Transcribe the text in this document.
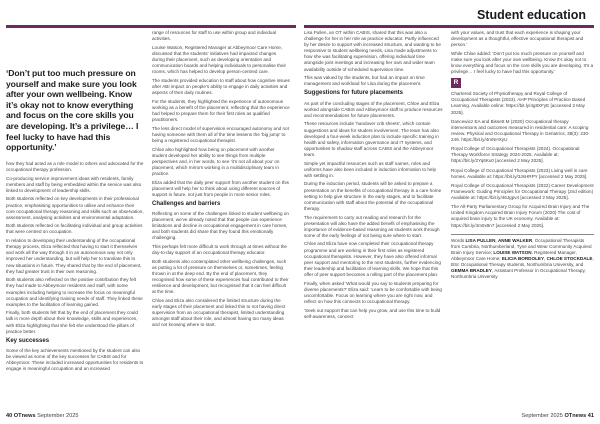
Student education
‘Don’t put too much pressure on yourself and make sure you look after your own wellbeing. Know it’s okay not to know everything and focus on the core skills you are developing. It’s a privilege… I feel lucky to have had this opportunity.’

how they had acted as a role model to others and advocated for the occupational therapy profession.

Co-producing service improvement ideas with residents, family members and staff by being embedded within the service was also linked to development of leadership skills.

Both students reflected on key developments in their professional practice, emphasising opportunities to utilise and enhance their core occupational therapy reasoning and skills such as observation, assessment, analysing activities and environmental adaptation.

Both students reflected on facilitating individual and group activities that were centred on occupation.

In relation to developing their understanding of the occupational therapy process, Eliza reflected that having to start it themselves and work all the way through it in an autonomous way not only improved her understanding, but will help her to translate this to new situations in future. They shared that by the end of placement, they had greater trust in their own reasoning.

Both students also reflected on the positive contribution they felt they had made to Abbeymoor residents and staff, with some examples including helping to increase the focus on meaningful occupation and identifying training needs of staff. They linked these examples to the facilitation of learning gained.

Finally, both students felt that by the end of placement they could talk in more depth about their knowledge, skills and experiences, with Eliza highlighting that she felt she understood the pillars of practice better.

Key successes

Some of the key achievements mentioned by the student can also be viewed as some of the key successes for CABIS and for Abbeymoor. These included increased opportunities for residents to engage in meaningful occupation and an increased

range of resources for staff to use within group and individual activities.

Louise Watson, Registered Manager at Abbeymoor Care Home, discussed that the students’ initiatives had impacted changes during their placement, such as developing orientation and communication boards and helping individuals to personalise their rooms, which has helped to develop person-centred care.

The students provided education to staff about how cognitive issues after ABI impact on people’s ability to engage in daily activities and aspects of their daily routines.

For the students, they highlighted the experience of autonomous working as a benefit of the placement, reflecting that the experience had helped to prepare them for their first roles as qualified practitioners.

The less direct model of supervision encouraged autonomy and not having someone with them all of the time lessens the ‘big jump’ to being a registered occupational therapist.

Chloe also highlighted how being on placement with another student developed her ability to see things from multiple perspectives and, in her words, to see ‘it’s not all about you’ on placement, which mirrors working in a multidisciplinary team in practice.

Eliza added that the daily peer support from another student on this placement will help her to think about using different sources of support in future, not just from people in more senior roles.

Challenges and barriers

Reflecting on some of the challenges linked to student wellbeing on placement, we’ve already noted that that people can experience limitations and decline in occupational engagement in care homes, and both students did share that they found this emotionally challenging.

This perhaps felt more difficult to work through at times without the day-to-day support of an occupational therapy educator.

Both students also contemplated other wellbeing challenges, such as putting a lot of pressure on themselves or, sometimes, feeling thrown in at the deep end. By the end of placement, they recognised how some of these experiences had contributed to their resilience and development, but recognised that it can feel difficult at the time.

Chloe and Eliza also considered the limited structure during the early stages of their placement and linked this to not having direct supervision from an occupational therapist, limited understanding amongst staff about their role, and almost having too many ideas and not knowing where to start.

Lisa Pullen, an OT within CABIS, shared that this was also a challenge for her in her role as practice educator. Partly influenced by her desire to support with increased structure, and wanting to be responsive to student wellbeing needs, Lisa made adjustments to how she was facilitating supervision, offering individual time alongside joint meetings and increasing her own and wider team availability outside of scheduled supervision time.

This was valued by the students, but had an impact on time management and workload for Lisa during the placement.

Suggestions for future placements

As part of the concluding stages of the placement, Chloe and Eliza worked alongside CABIS and Abbeymoor staff to produce resources and recommendations for future placements.

These resources include ‘handover crib sheets’, which contain suggestions and ideas for student involvement. The team has also developed a four-week induction plan to include specific training in health and safety, information governance and IT systems, and opportunities to shadow staff across CABIS and the Abbeymoor team.

Simple yet impactful resources such as staff names, roles and uniforms have also been included in induction information to help with settling in.

During the induction period, students will be asked to prepare a presentation on the benefits of occupational therapy in a care home setting to help give structure in the early stages, and to facilitate communication with staff about the potential of the occupational therapy.

The requirement to carry out reading and research for the presentation will also have the added benefit of emphasising the importance of evidence-based reasoning as students work through some of the early feelings of not being sure where to start.

Chloe and Eliza have now completed their occupational therapy programme and are working in their first roles as registered occupational therapists. However, they have also offered informal peer support and mentoring to the next students, further evidencing their leadership and facilitation of learning skills. We hope that this offer of peer support becomes a rolling part of the placement plan.

Finally, when asked ‘What would you say to students preparing for diverse placements?’ Eliza said: ‘Learn to be comfortable with being uncomfortable. Focus on learning where you are right now, and reflect on how this connects to occupational therapy.

‘Seek out support that can help you grow, and use this time to build self-awareness, connect

with your values, and trust that each experience is shaping your development as a thoughtful, effective occupational therapist and person.’

While Chloe added: ‘Don’t put too much pressure on yourself and make sure you look after your own wellbeing. Know it’s okay not to know everything and focus on the core skills you are developing. It’s a privilege… I feel lucky to have had this opportunity.’

R

Chartered Society of Physiotherapy and Royal College of Occupational Therapists (2023). AHP Principles of Practice Based Learning. Available online: https://bit.ly/4g8XFyE [accessed 2 May 2025].

Dancewicz EA and Bissett M (2020) Occupational therapy interventions and outcomes measured in residential care: A scoping review. Physical and Occupational Therapy in Geriatrics, 38(3): 230-249. https://bit.ly/4mNHXyU

Royal College of Occupational Therapists (2024). Occupational Therapy Workforce Strategy 2024-2025. Available at: https://bit.ly/2Yq6Ku0 [accessed 2 May 2025].

Royal College of Occupational Therapists (2023) Living well in care homes. Available at: https://bit.ly/3JsHRPY [accessed 2 May 2025].

Royal College of Occupational Therapists (2022) Career Development Framework: Guiding Principles for Occupational Therapy (2nd edition) Available at: https://bit.ly/46Jgpv4 [accessed 2 May 2025].

The All-Party Parliamentary Group for Acquired Brain Injury and The United Kingdom Acquired Brain Injury Forum (2020) The cost of acquired brain injury to the UK economy. Available at: https://bit.ly/4m0x9n7 [accessed 2 May 2025].

Words LISA PULLEN, ANNE WALKER, Occupational Therapists from Cumbria, Northumberland, Tyne and Wear Community Acquired Brain Injury Service; LOUISE WATSON, Registered Manager, Abbeymoor Care Home; ELICIA BORDOLEY, CHLOE STOCKDALE, BSc Occupational Therapy students, Northumbria University, and GEMMA BRADLEY, Assistant Professor in Occupational Therapy, Northumbria University
40 OTnews September 2025	September 2025 OTnews 41
